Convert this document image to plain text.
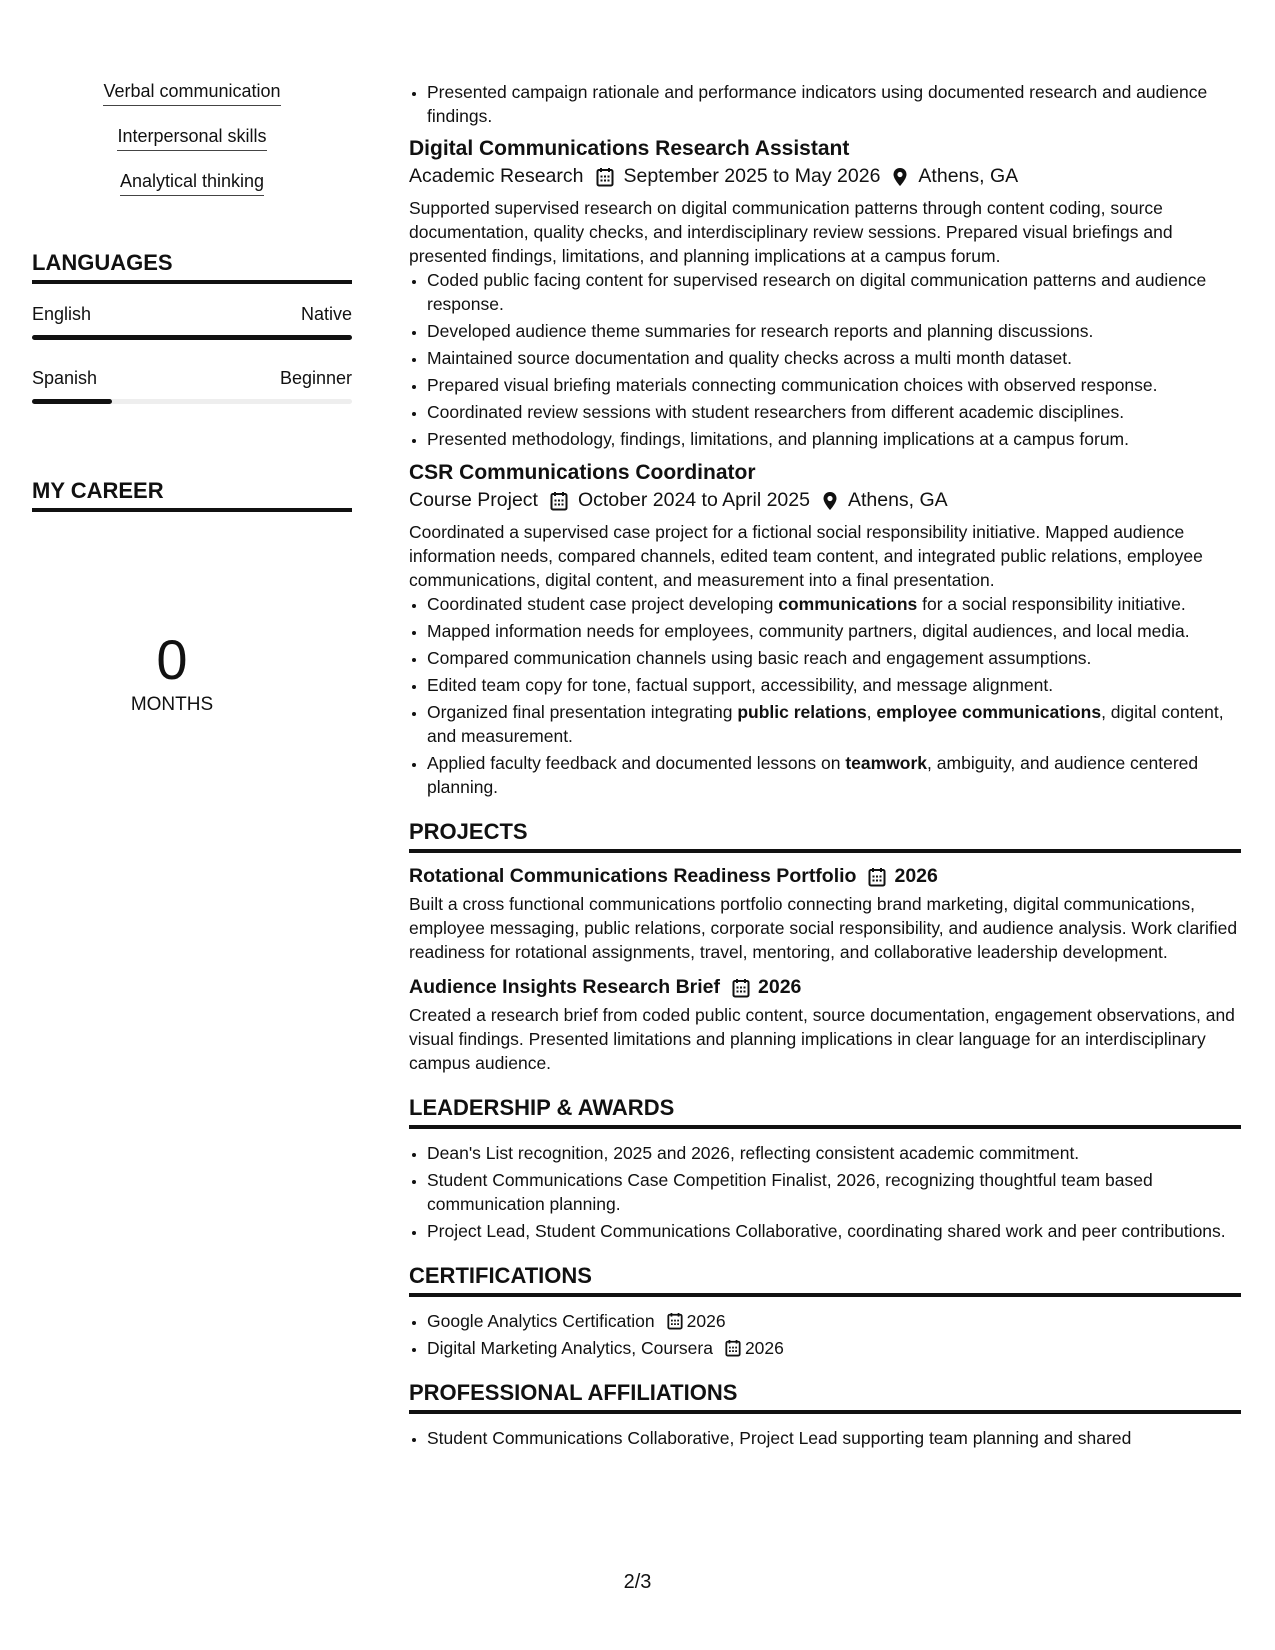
Verbal communication
Interpersonal skills
Analytical thinking
LANGUAGES
English	Native
Spanish	Beginner
MY CAREER
0
MONTHS
• Presented campaign rationale and performance indicators using documented research and audience findings.
Digital Communications Research Assistant
Academic Research September 2025 to May 2026 Athens, GA
Supported supervised research on digital communication patterns through content coding, source documentation, quality checks, and interdisciplinary review sessions. Prepared visual briefings and presented findings, limitations, and planning implications at a campus forum.
• Coded public facing content for supervised research on digital communication patterns and audience response.
• Developed audience theme summaries for research reports and planning discussions.
• Maintained source documentation and quality checks across a multi month dataset.
• Prepared visual briefing materials connecting communication choices with observed response.
• Coordinated review sessions with student researchers from different academic disciplines.
• Presented methodology, findings, limitations, and planning implications at a campus forum.
CSR Communications Coordinator
Course Project October 2024 to April 2025 Athens, GA
Coordinated a supervised case project for a fictional social responsibility initiative. Mapped audience information needs, compared channels, edited team content, and integrated public relations, employee communications, digital content, and measurement into a final presentation.
• Coordinated student case project developing communications for a social responsibility initiative.
• Mapped information needs for employees, community partners, digital audiences, and local media.
• Compared communication channels using basic reach and engagement assumptions.
• Edited team copy for tone, factual support, accessibility, and message alignment.
• Organized final presentation integrating public relations, employee communications, digital content, and measurement.
• Applied faculty feedback and documented lessons on teamwork, ambiguity, and audience centered planning.
PROJECTS
Rotational Communications Readiness Portfolio 2026
Built a cross functional communications portfolio connecting brand marketing, digital communications, employee messaging, public relations, corporate social responsibility, and audience analysis. Work clarified readiness for rotational assignments, travel, mentoring, and collaborative leadership development.
Audience Insights Research Brief 2026
Created a research brief from coded public content, source documentation, engagement observations, and visual findings. Presented limitations and planning implications in clear language for an interdisciplinary campus audience.
LEADERSHIP & AWARDS
• Dean's List recognition, 2025 and 2026, reflecting consistent academic commitment.
• Student Communications Case Competition Finalist, 2026, recognizing thoughtful team based communication planning.
• Project Lead, Student Communications Collaborative, coordinating shared work and peer contributions.
CERTIFICATIONS
• Google Analytics Certification 2026
• Digital Marketing Analytics, Coursera 2026
PROFESSIONAL AFFILIATIONS
• Student Communications Collaborative, Project Lead supporting team planning and shared
2/3
